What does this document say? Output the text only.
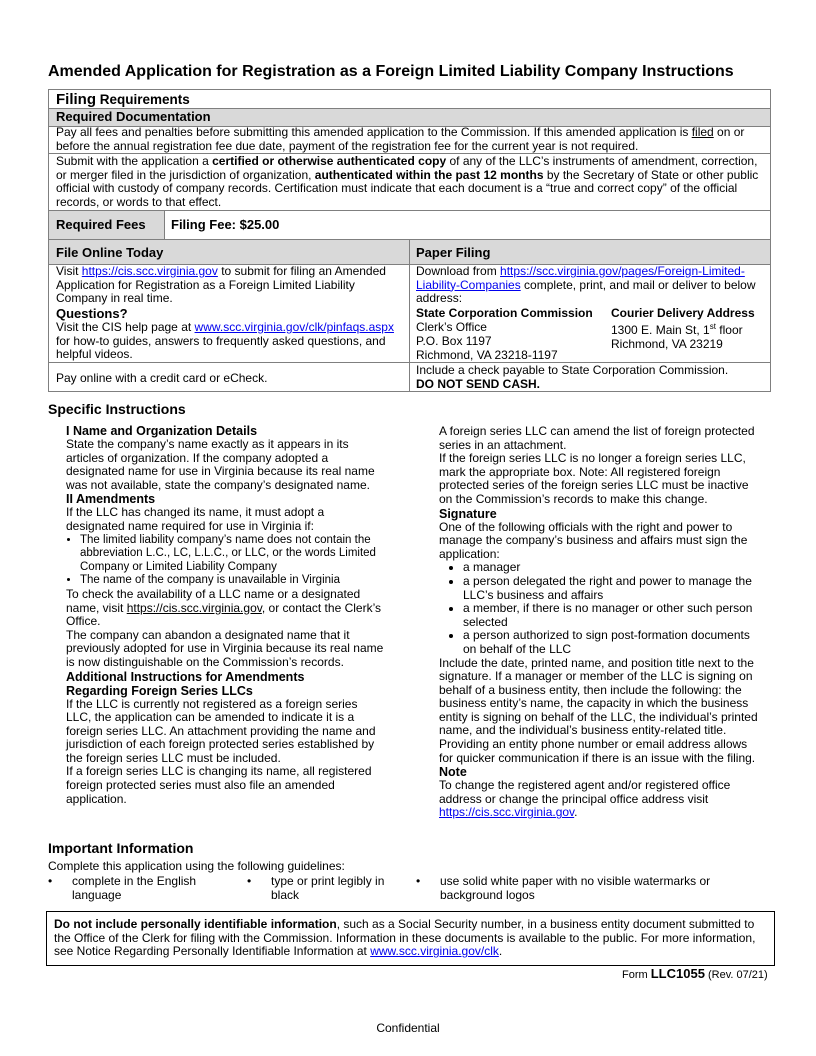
Amended Application for Registration as a Foreign Limited Liability Company Instructions
Filing Requirements
Required Documentation
Pay all fees and penalties before submitting this amended application to the Commission. If this amended application is filed on or before the annual registration fee due date, payment of the registration fee for the current year is not required.
Submit with the application a certified or otherwise authenticated copy of any of the LLC’s instruments of amendment, correction, or merger filed in the jurisdiction of organization, authenticated within the past 12 months by the Secretary of State or other public official with custody of company records. Certification must indicate that each document is a “true and correct copy” of the official records, or words to that effect.
Required Fees Filing Fee: $25.00
File Online Today	Paper Filing
Visit https://cis.scc.virginia.gov to submit for filing an Amended Application for Registration as a Foreign Limited Liability Company in real time.
Questions?
Visit the CIS help page at www.scc.virginia.gov/clk/pinfaqs.aspx for how-to guides, answers to frequently asked questions, and helpful videos.
Download from https://scc.virginia.gov/pages/Foreign-Limited-Liability-Companies complete, print, and mail or deliver to below address:
State Corporation Commission
Clerk’s Office
P.O. Box 1197
Richmond, VA 23218-1197
Courier Delivery Address
1300 E. Main St, 1st floor
Richmond, VA 23219
Pay online with a credit card or eCheck.
Include a check payable to State Corporation Commission.
DO NOT SEND CASH.
Specific Instructions
I Name and Organization Details
State the company’s name exactly as it appears in its articles of organization. If the company adopted a designated name for use in Virginia because its real name was not available, state the company’s designated name.
II Amendments
If the LLC has changed its name, it must adopt a designated name required for use in Virginia if:
• The limited liability company’s name does not contain the abbreviation L.C., LC, L.L.C., or LLC, or the words Limited Company or Limited Liability Company
• The name of the company is unavailable in Virginia
To check the availability of a LLC name or a designated name, visit https://cis.scc.virginia.gov, or contact the Clerk’s Office.
The company can abandon a designated name that it previously adopted for use in Virginia because its real name is now distinguishable on the Commission’s records.
Additional Instructions for Amendments
Regarding Foreign Series LLCs
If the LLC is currently not registered as a foreign series LLC, the application can be amended to indicate it is a foreign series LLC. An attachment providing the name and jurisdiction of each foreign protected series established by the foreign series LLC must be included.
If a foreign series LLC is changing its name, all registered foreign protected series must also file an amended application.
A foreign series LLC can amend the list of foreign protected series in an attachment.
If the foreign series LLC is no longer a foreign series LLC, mark the appropriate box. Note: All registered foreign protected series of the foreign series LLC must be inactive on the Commission’s records to make this change.
Signature
One of the following officials with the right and power to manage the company’s business and affairs must sign the application:
• a manager
• a person delegated the right and power to manage the LLC’s business and affairs
• a member, if there is no manager or other such person selected
• a person authorized to sign post-formation documents on behalf of the LLC
Include the date, printed name, and position title next to the signature. If a manager or member of the LLC is signing on behalf of a business entity, then include the following: the business entity’s name, the capacity in which the business entity is signing on behalf of the LLC, the individual’s printed name, and the individual’s business entity-related title.
Providing an entity phone number or email address allows for quicker communication if there is an issue with the filing.
Note
To change the registered agent and/or registered office address or change the principal office address visit
https://cis.scc.virginia.gov.
Important Information
Complete this application using the following guidelines:
• complete in the English language
• type or print legibly in black
• use solid white paper with no visible watermarks or background logos
Do not include personally identifiable information, such as a Social Security number, in a business entity document submitted to the Office of the Clerk for filing with the Commission. Information in these documents is available to the public. For more information, see Notice Regarding Personally Identifiable Information at www.scc.virginia.gov/clk.
Form LLC1055 (Rev. 07/21)
Confidential
